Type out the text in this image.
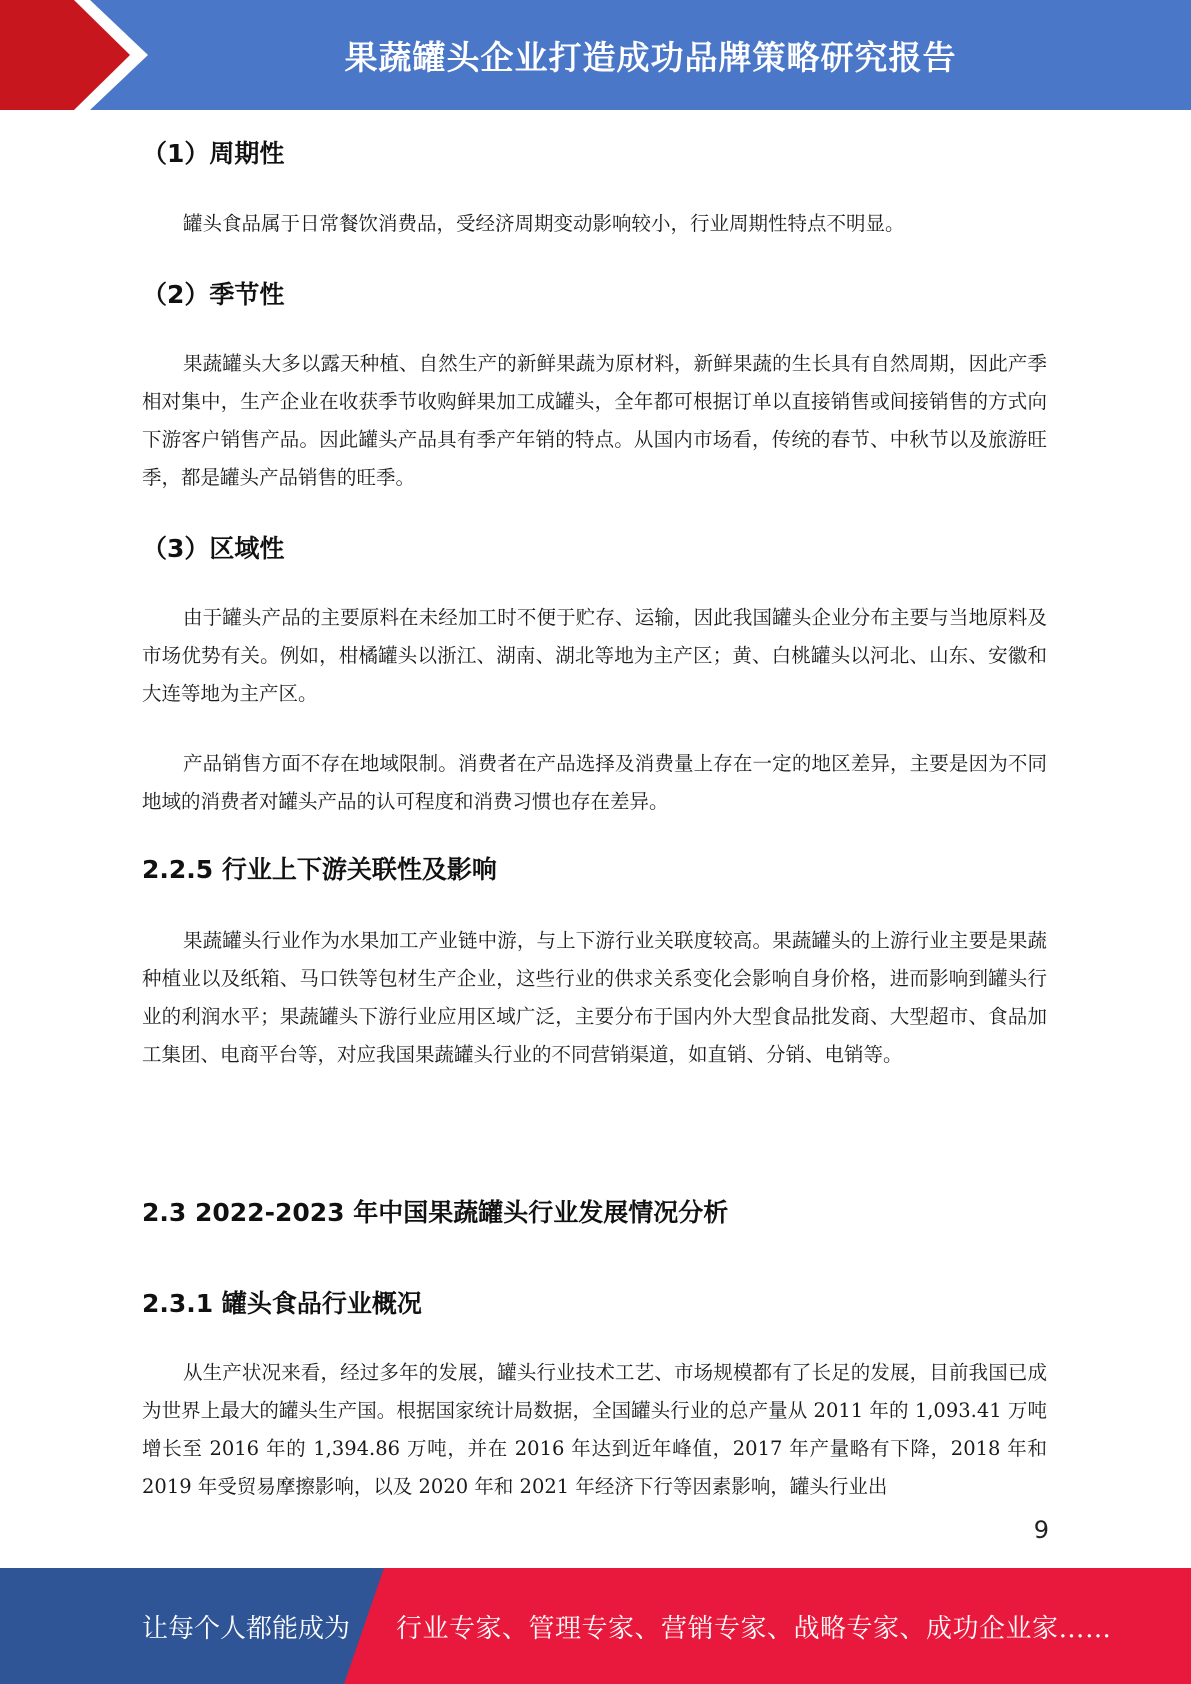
果蔬罐头企业打造成功品牌策略研究报告
（1）周期性

罐头食品属于日常餐饮消费品，受经济周期变动影响较小，行业周期性特点不明显。

（2）季节性

果蔬罐头大多以露天种植、自然生产的新鲜果蔬为原材料，新鲜果蔬的生长具有自然周期，因此产季相对集中，生产企业在收获季节收购鲜果加工成罐头，全年都可根据订单以直接销售或间接销售的方式向下游客户销售产品。因此罐头产品具有季产年销的特点。从国内市场看，传统的春节、中秋节以及旅游旺季，都是罐头产品销售的旺季。

（3）区域性

由于罐头产品的主要原料在未经加工时不便于贮存、运输，因此我国罐头企业分布主要与当地原料及市场优势有关。例如，柑橘罐头以浙江、湖南、湖北等地为主产区；黄、白桃罐头以河北、山东、安徽和大连等地为主产区。

产品销售方面不存在地域限制。消费者在产品选择及消费量上存在一定的地区差异，主要是因为不同地域的消费者对罐头产品的认可程度和消费习惯也存在差异。

2.2.5 行业上下游关联性及影响

果蔬罐头行业作为水果加工产业链中游，与上下游行业关联度较高。果蔬罐头的上游行业主要是果蔬种植业以及纸箱、马口铁等包材生产企业，这些行业的供求关系变化会影响自身价格，进而影响到罐头行业的利润水平；果蔬罐头下游行业应用区域广泛，主要分布于国内外大型食品批发商、大型超市、食品加工集团、电商平台等，对应我国果蔬罐头行业的不同营销渠道，如直销、分销、电销等。

2.3 2022-2023 年中国果蔬罐头行业发展情况分析
2.3.1 罐头食品行业概况

从生产状况来看，经过多年的发展，罐头行业技术工艺、市场规模都有了长足的发展，目前我国已成为世界上最大的罐头生产国。根据国家统计局数据，全国罐头行业的总产量从 2011 年的 1,093.41 万吨增长至 2016 年的 1,394.86 万吨，并在 2016 年达到近年峰值，2017 年产量略有下降，2018 年和 2019 年受贸易摩擦影响，以及 2020 年和 2021 年经济下行等因素影响，罐头行业出

9
让每个人都能成为 行业专家、管理专家、营销专家、战略专家、成功企业家……
